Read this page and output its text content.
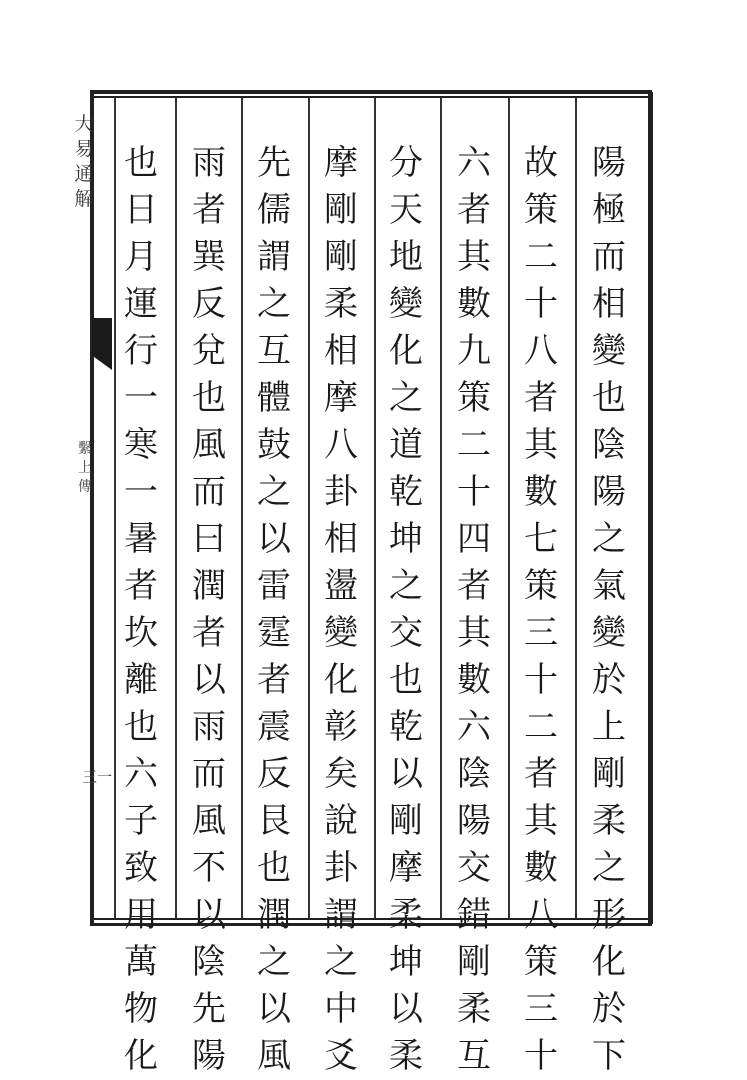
大
易
通
解
繫
上
傳
三一
陽
極
而
相
變
也
陰
陽
之
氣
變
於
上
剛
柔
之
形
化
於
下
故
策
二
十
八
者
其
數
七
策
三
十
二
者
其
數
八
策
三
十
六
者
其
數
九
策
二
十
四
者
其
數
六
陰
陽
交
錯
剛
柔
互
分
天
地
變
化
之
道
乾
坤
之
交
也
乾
以
剛
摩
柔
坤
以
柔
摩
剛
剛
柔
相
摩
八
卦
相
盪
變
化
彰
矣
說
卦
謂
之
中
爻
先
儒
謂
之
互
體
鼓
之
以
雷
霆
者
震
反
艮
也
潤
之
以
風
雨
者
巽
反
兌
也
風
而
曰
潤
者
以
雨
而
風
不
以
陰
先
陽
也
日
月
運
行
一
寒
一
暑
者
坎
離
也
六
子
致
用
萬
物
化
